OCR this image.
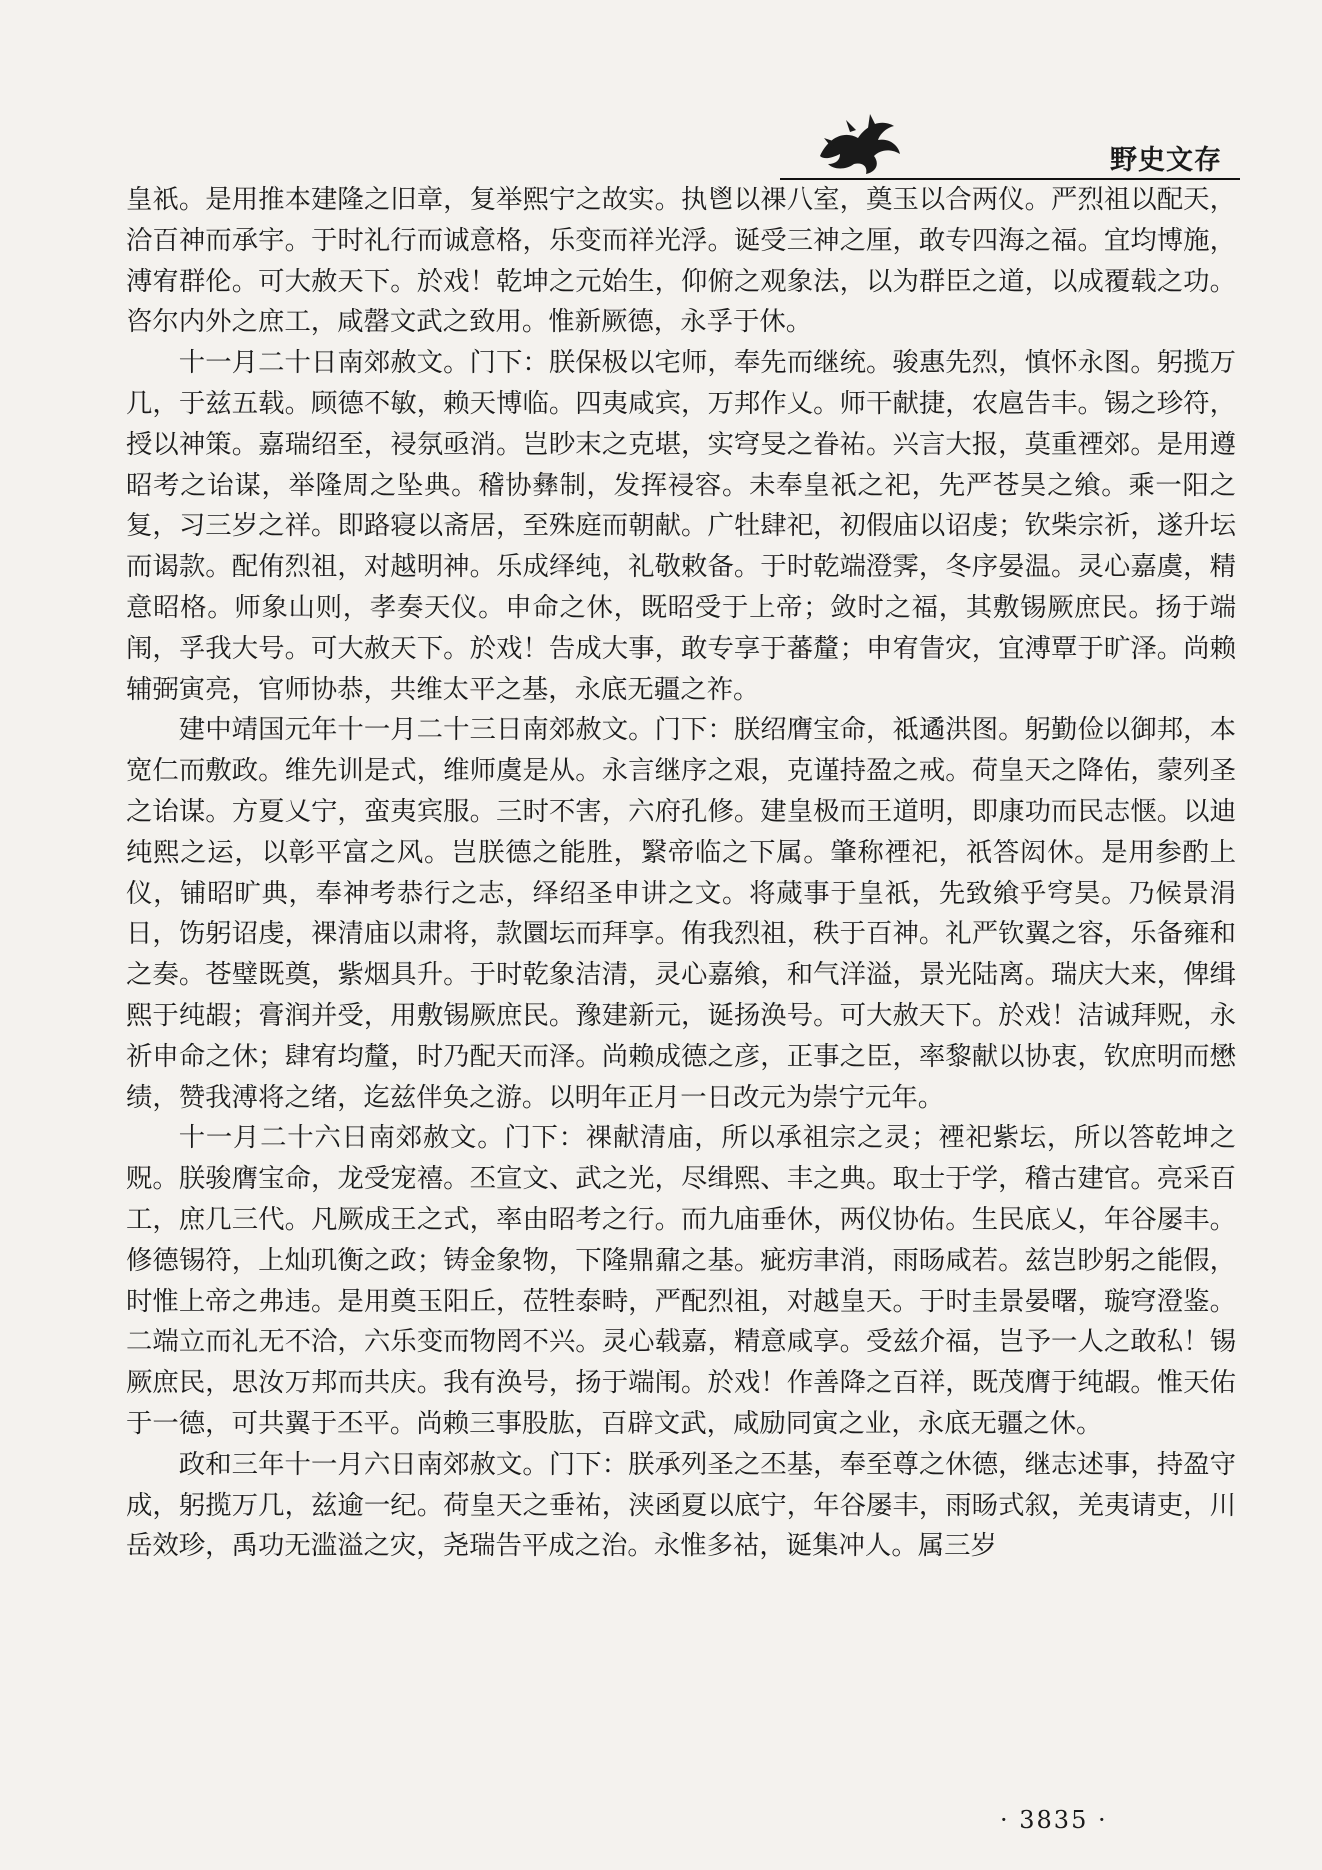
野史文存

皇祇。是用推本建隆之旧章，复举熙宁之故实。执鬯以祼八室，奠玉以合两仪。严烈祖以配天，洽百神而承宇。于时礼行而诚意格，乐变而祥光浮。诞受三神之厘，敢专四海之福。宜均博施，溥宥群伦。可大赦天下。於戏！乾坤之元始生，仰俯之观象法，以为群臣之道，以成覆载之功。咨尔内外之庶工，咸罄文武之致用。惟新厥德，永孚于休。

十一月二十日南郊赦文。门下：朕保极以宅师，奉先而继统。骏惠先烈，慎怀永图。躬揽万几，于兹五载。顾德不敏，赖天博临。四夷咸宾，万邦作乂。师干献捷，农扈告丰。锡之珍符，授以神策。嘉瑞绍至，祲氛亟消。岂眇末之克堪，实穹旻之眷祐。兴言大报，莫重禋郊。是用遵昭考之诒谋，举隆周之坠典。稽协彝制，发挥祲容。未奉皇祇之祀，先严苍昊之飨。乘一阳之复，习三岁之祥。即路寝以斋居，至殊庭而朝献。广牡肆祀，初假庙以诏虔；钦柴宗祈，遂升坛而谒款。配侑烈祖，对越明神。乐成绎纯，礼敬敕备。于时乾端澄霁，冬序晏温。灵心嘉虞，精意昭格。师象山则，孝奏天仪。申命之休，既昭受于上帝；敛时之福，其敷锡厥庶民。扬于端闱，孚我大号。可大赦天下。於戏！告成大事，敢专享于蕃釐；申宥眚灾，宜溥覃于旷泽。尚赖辅弼寅亮，官师协恭，共维太平之基，永底无疆之祚。

建中靖国元年十一月二十三日南郊赦文。门下：朕绍膺宝命，祗遹洪图。躬勤俭以御邦，本宽仁而敷政。维先训是式，维师虞是从。永言继序之艰，克谨持盈之戒。荷皇天之降佑，蒙列圣之诒谋。方夏乂宁，蛮夷宾服。三时不害，六府孔修。建皇极而王道明，即康功而民志惬。以迪纯熙之运，以彰平富之风。岂朕德之能胜，繄帝临之下属。肇称禋祀，祇答闳休。是用参酌上仪，铺昭旷典，奉神考恭行之志，绎绍圣申讲之文。将蒇事于皇祇，先致飨乎穹昊。乃候景涓日，饬躬诏虔，祼清庙以肃将，款圜坛而拜享。侑我烈祖，秩于百神。礼严钦翼之容，乐备雍和之奏。苍璧既奠，紫烟具升。于时乾象洁清，灵心嘉飨，和气洋溢，景光陆离。瑞庆大来，俾缉熙于纯嘏；膏润并受，用敷锡厥庶民。豫建新元，诞扬涣号。可大赦天下。於戏！洁诚拜贶，永祈申命之休；肆宥均釐，时乃配天而泽。尚赖成德之彦，正事之臣，率黎献以协衷，钦庶明而懋绩，赞我溥将之绪，迄兹伴奂之游。以明年正月一日改元为崇宁元年。

十一月二十六日南郊赦文。门下：祼献清庙，所以承祖宗之灵；禋祀紫坛，所以答乾坤之贶。朕骏膺宝命，龙受宠禧。丕宣文、武之光，尽缉熙、丰之典。取士于学，稽古建官。亮采百工，庶几三代。凡厥成王之式，率由昭考之行。而九庙垂休，两仪协佑。生民底乂，年谷屡丰。修德锡符，上灿玑衡之政；铸金象物，下隆鼎鼐之基。疵疠聿消，雨旸咸若。兹岂眇躬之能假，时惟上帝之弗违。是用奠玉阳丘，莅牲泰畤，严配烈祖，对越皇天。于时圭景晏曙，璇穹澄鉴。二端立而礼无不洽，六乐变而物罔不兴。灵心载嘉，精意咸享。受兹介福，岂予一人之敢私！锡厥庶民，思汝万邦而共庆。我有涣号，扬于端闱。於戏！作善降之百祥，既茂膺于纯嘏。惟天佑于一德，可共翼于丕平。尚赖三事股肱，百辟文武，咸励同寅之业，永底无疆之休。

政和三年十一月六日南郊赦文。门下：朕承列圣之丕基，奉至尊之休德，继志述事，持盈守成，躬揽万几，兹逾一纪。荷皇天之垂祐，浃函夏以底宁，年谷屡丰，雨旸式叙，羌夷请吏，川岳效珍，禹功无滥溢之灾，尧瑞告平成之治。永惟多祜，诞集冲人。属三岁

· 3835 ·
